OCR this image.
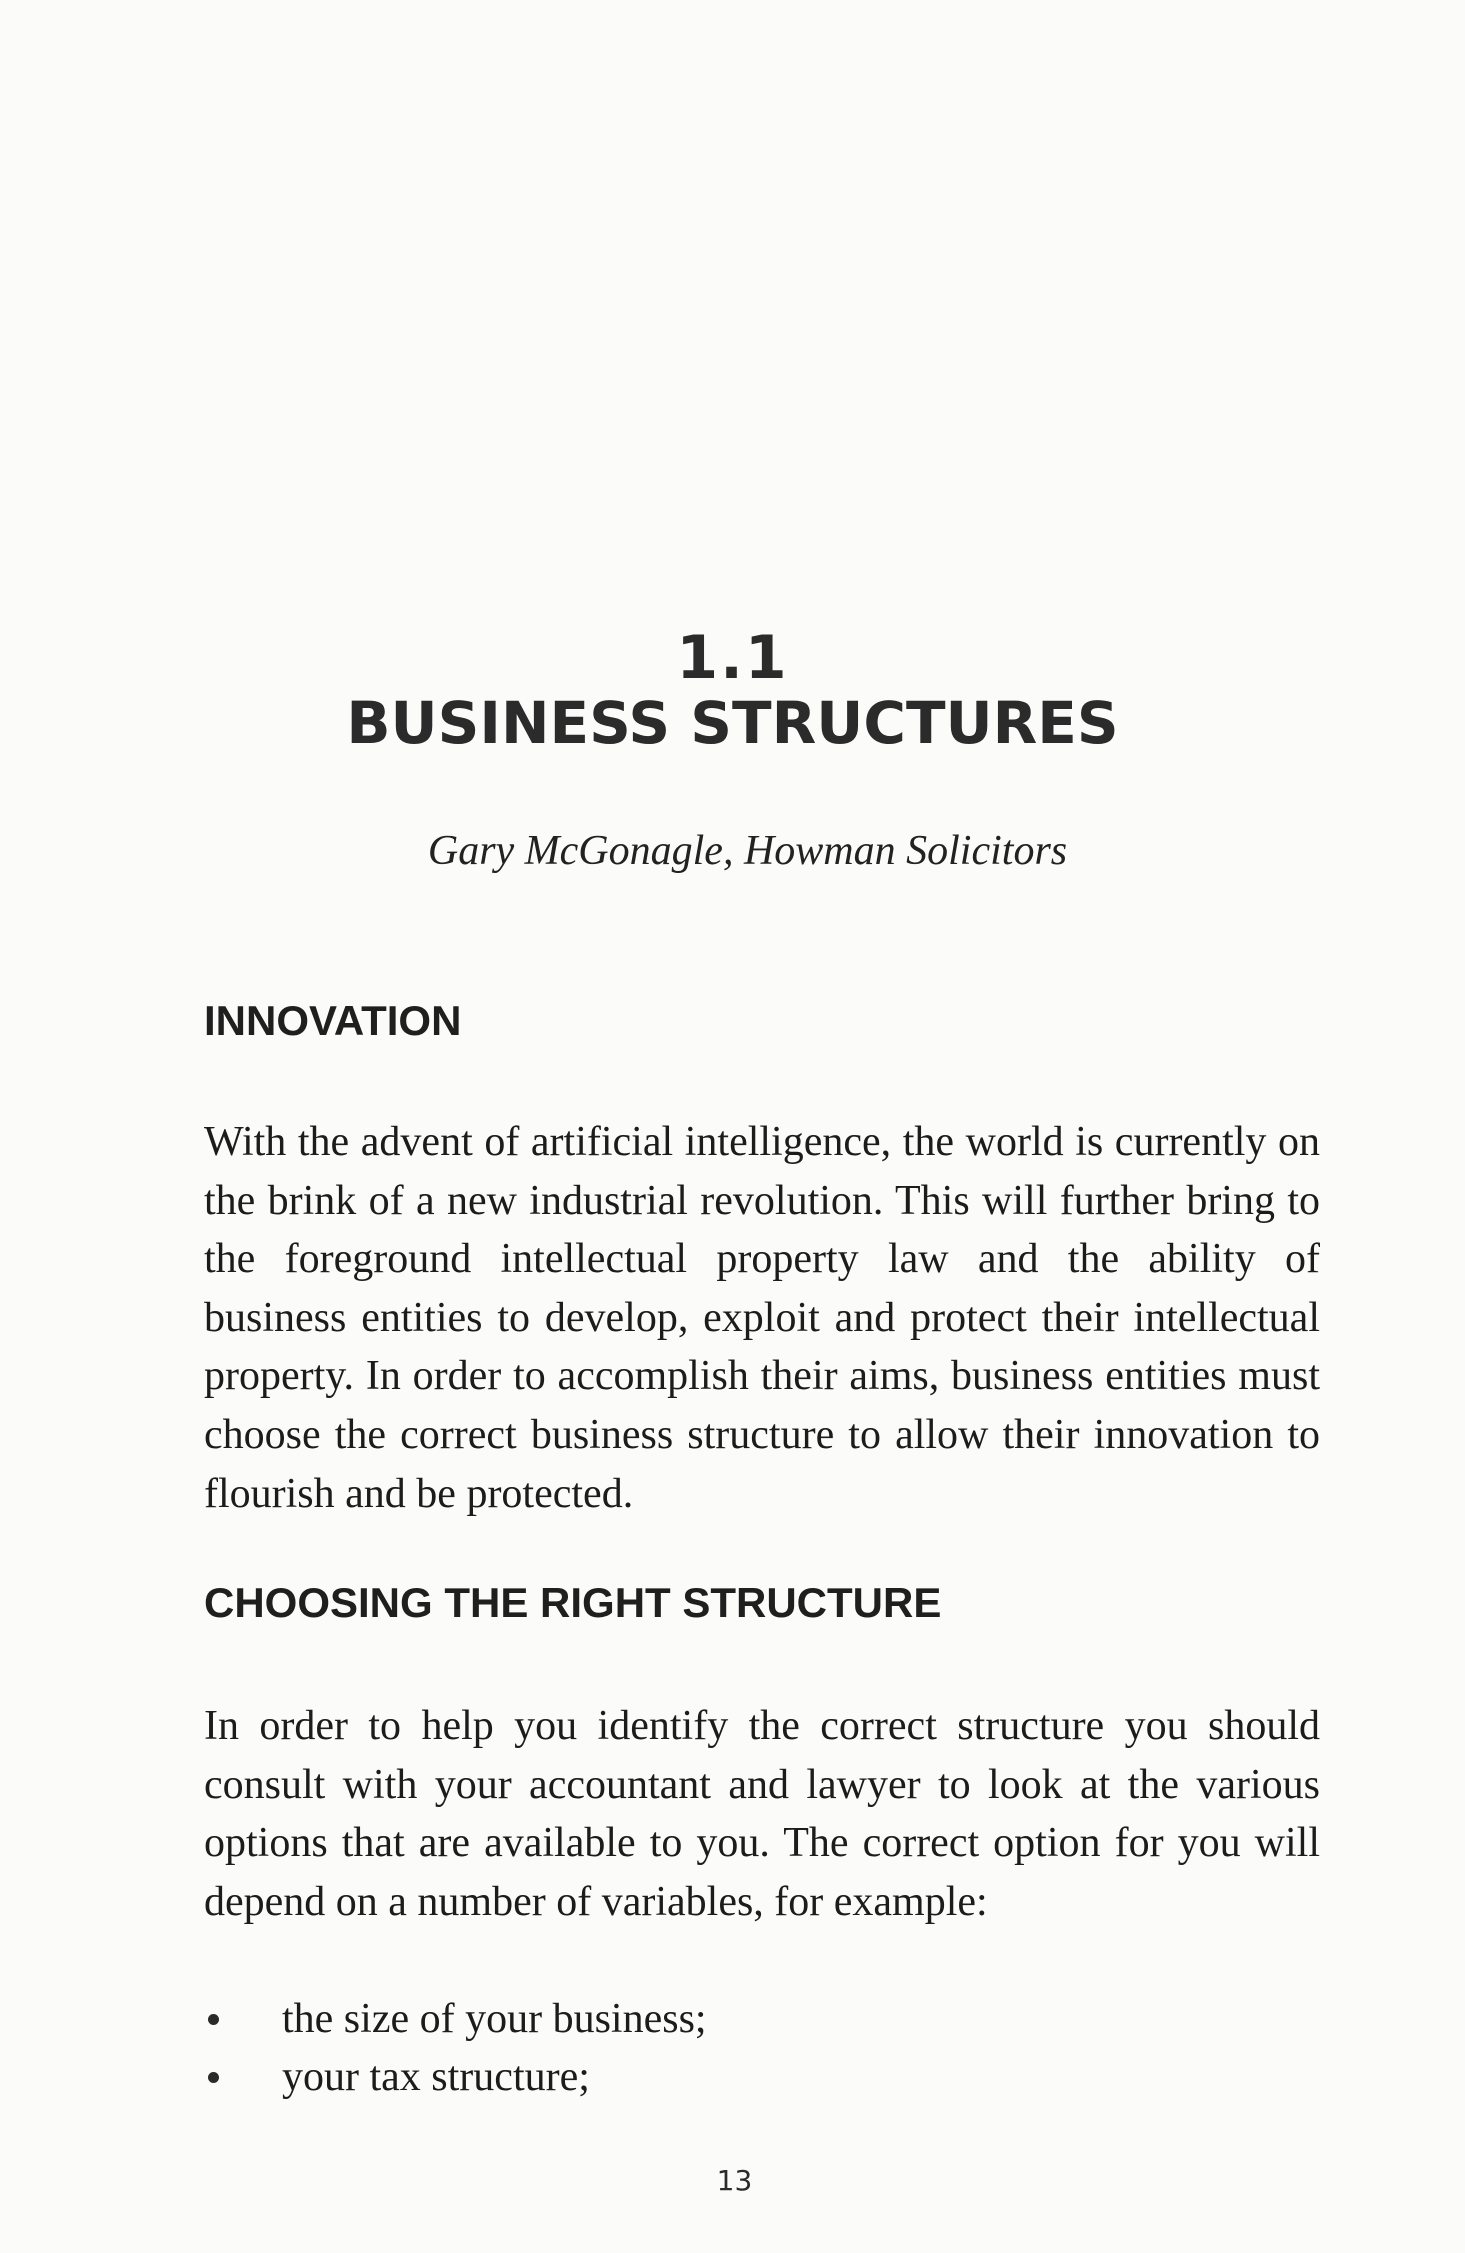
1.1
BUSINESS STRUCTURES
Gary McGonagle, Howman Solicitors
INNOVATION

With the advent of artificial intelligence, the world is currently on the brink of a new industrial revolution. This will further bring to the foreground intellectual property law and the ability of business entities to develop, exploit and protect their intellectual property. In order to accomplish their aims, business entities must choose the correct business structure to allow their innovation to flourish and be protected.

CHOOSING THE RIGHT STRUCTURE

In order to help you identify the correct structure you should consult with your accountant and lawyer to look at the various options that are available to you. The correct option for you will depend on a number of variables, for example:

the size of your business;
your tax structure;
13
